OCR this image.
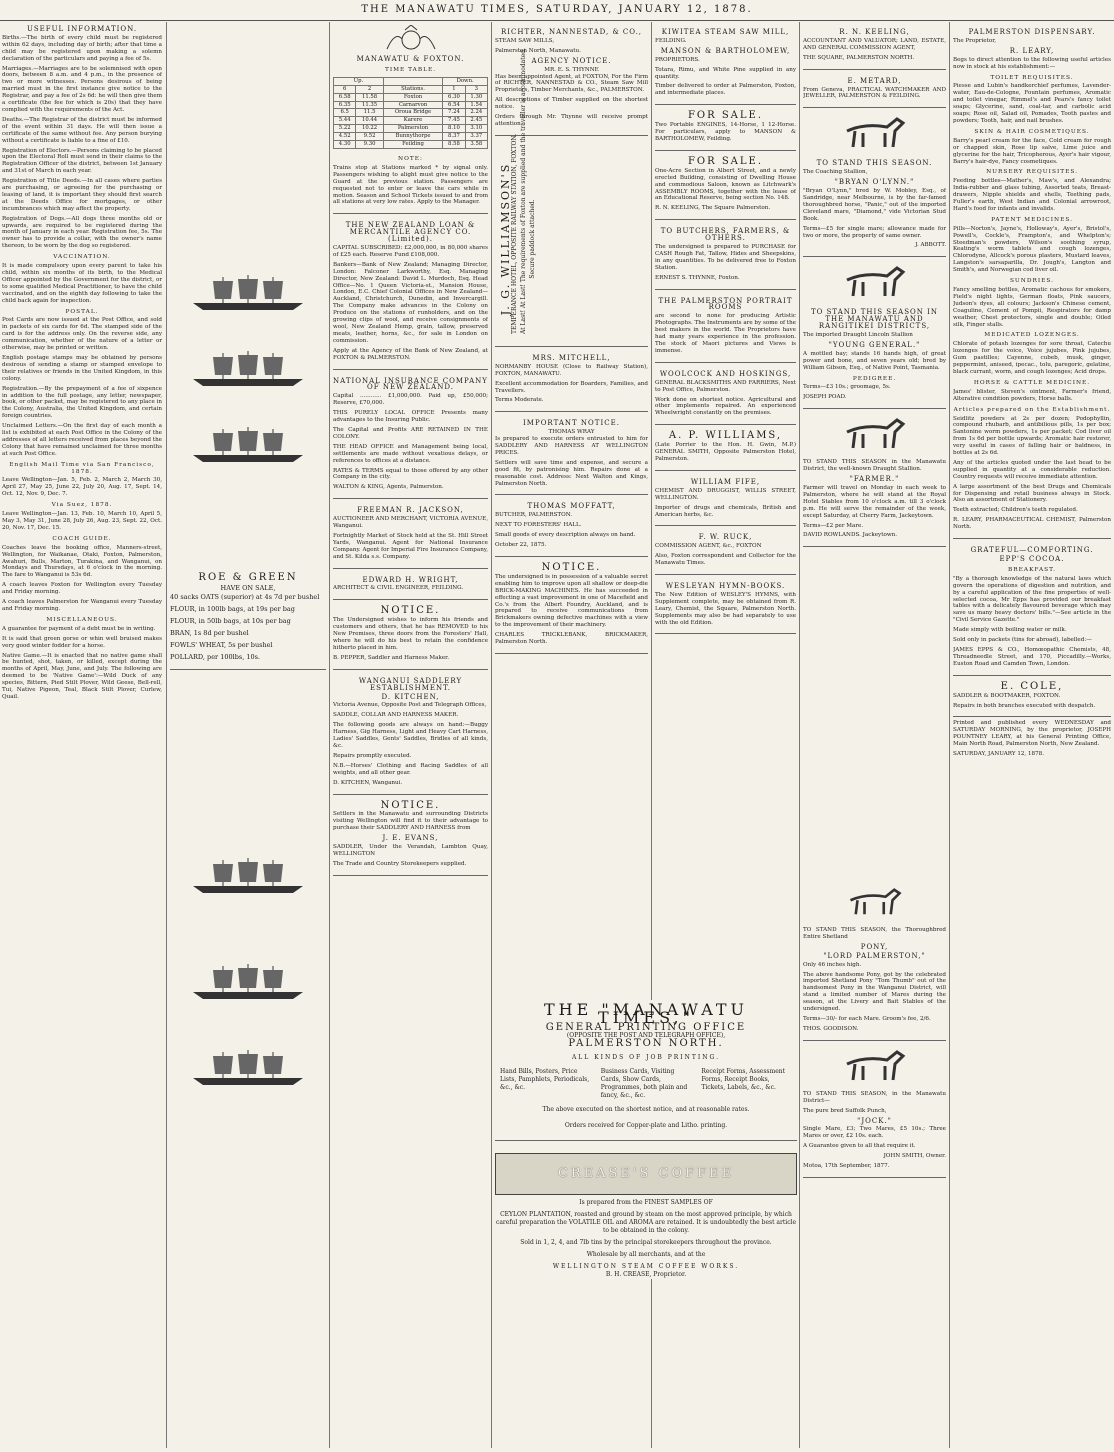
THE MANAWATU TIMES, SATURDAY, JANUARY 12, 1878.
USEFUL INFORMATION.

Births.—The birth of every child must be registered within 62 days, including day of birth; after that time a child may be registered upon making a solemn declaration of the particulars and paying a fee of 5s.

Marriages.—Marriages are to be solemnised with open doors, between 8 a.m. and 4 p.m., in the presence of two or more witnesses. Persons desirous of being married must in the first instance give notice to the Registrar, and pay a fee of 2s 6d: he will then give them a certificate (the fee for which is 20s) that they have complied with the requirements of the Act.

Deaths.—The Registrar of the district must be informed of the event within 31 days. He will then issue a certificate of the same without fee. Any person burying without a certificate is liable to a fine of £10.

Registration of Electors.—Persons claiming to be placed upon the Electoral Roll must send in their claims to the Registration Officer of the district, between 1st January and 31st of March in each year.

Registration of Title Deeds.—In all cases where parties are purchasing, or agreeing for the purchasing or leasing of land, it is important they should first search at the Deeds Office for mortgages, or other incumbrances which may affect the property.

Registration of Dogs.—All dogs three months old or upwards, are required to be registered during the month of January in each year. Registration fee, 5s. The owner has to provide a collar, with the owner's name thereon, to be worn by the dog so registered.

VACCINATION.

It is made compulsory upon every parent to take his child, within six months of its birth, to the Medical Officer appointed by the Government for the district, or to some qualified Medical Practitioner, to have the child vaccinated, and on the eighth day following to take the child back again for inspection.

POSTAL.

Post Cards are now issued at the Post Office, and sold in packets of six cards for 6d. The stamped side of the card is for the address only. On the reverse side, any communication, whether of the nature of a letter or otherwise, may be printed or written.

English postage stamps may be obtained by persons desirous of sending a stamp or stamped envelope to their relatives or friends in the United Kingdom, in this colony.

Registration.—By the prepayment of a fee of sixpence in addition to the full postage, any letter, newspaper, book, or other packet, may be registered to any place in the Colony, Australia, the United Kingdom, and certain foreign countries.

Unclaimed Letters.—On the first day of each month a list is exhibited at each Post Office in the Colony of the addresses of all letters received from places beyond the Colony that have remained unclaimed for three months at such Post Office.

English Mail Time via San Francisco, 1878.

Leave Wellington—Jan. 5, Feb. 2, March 2, March 30, April 27, May 25, June 22, July 20, Aug. 17, Sept. 14, Oct. 12, Nov. 9, Dec. 7.

Via Suez, 1878.

Leave Wellington—Jan. 13, Feb. 10, March 10, April 5, May 3, May 31, June 28, July 26, Aug. 23, Sept. 22, Oct. 20, Nov. 17, Dec. 15.

COACH GUIDE.

Coaches leave the booking office, Manners-street, Wellington, for Waikanae, Otaki, Foxton, Palmerston, Awahuri, Bulls, Marton, Turakina, and Wanganui, on Mondays and Thursdays, at 6 o'clock in the morning. The fare to Wanganui is 53s 6d.

A coach leaves Foxton for Wellington every Tuesday and Friday morning.

A coach leaves Palmerston for Wanganui every Tuesday and Friday morning.

MISCELLANEOUS.

A guarantee for payment of a debt must be in writing.

It is said that green gorse or whin well bruised makes very good winter fodder for a horse.

Native Game.—It is enacted that no native game shall be hunted, shot, taken, or killed, except during the months of April, May, June, and July. The following are deemed to be 'Native Game':—Wild Duck of any species, Bittern, Pied Stilt Plover, Wild Geese, Bell-rell, Tui, Native Pigeon, Teal, Black Stilt Plover, Curlew, Quail.

ROE & GREEN
HAVE ON SALE,

40 sacks OATS (superior) at 4s 7d per bushel

FLOUR, in 100lb bags, at 19s per bag

FLOUR, in 50lb bags, at 10s per bag

BRAN, 1s 8d per bushel

FOWLS' WHEAT, 5s per bushel

POLLARD, per 100lbs, 10s.

MANAWATU & FOXTON.
TIME TABLE.
Up.			Down.	
6	2	Stations.	1	3
6.58	11.58	Foxton	6.30	1.30
6.35	11.35	Carnarvon	6.54	1.54
6.5	11.5	Oroua Bridge	7.24	2.24
5.44	10.44	Karere	7.45	2.45
5.22	10.22	Palmerston	8.10	3.10
4.52	9.52	Bunnythorpe	8.37	3.37
4.30	9.30	Feilding	8.58	3.58
NOTE:

Trains stop at Stations marked * by signal only. Passengers wishing to alight must give notice to the Guard at the previous station. Passengers are requested not to enter or leave the cars while in motion. Season and School Tickets issued to and from all stations at very low rates. Apply to the Manager.

THE NEW ZEALAND LOAN & MERCANTILE AGENCY CO. (Limited).

CAPITAL SUBSCRIBED: £2,000,000, in 80,000 shares of £25 each. Reserve Fund £108,000.

Bankers—Bank of New Zealand; Managing Director, London: Falconer Larkworthy, Esq. Managing Director, New Zealand: David L. Murdoch, Esq. Head Office—No. 1 Queen Victoria-st., Mansion House, London, E.C. Chief Colonial Offices in New Zealand—Auckland, Christchurch, Dunedin, and Invercargill. The Company make advances in the Colony on Produce on the stations of runholders, and on the growing clips of wool, and receive consignments of wool, New Zealand Hemp, grain, tallow, preserved meats, leather, horns, &c., for sale in London on commission.

Apply at the Agency of the Bank of New Zealand, at FOXTON & PALMERSTON.

NATIONAL INSURANCE COMPANY OF NEW ZEALAND.

Capital ............ £1,000,000. Paid up, £50,000; Reserve, £70,000.

THIS PURELY LOCAL OFFICE Presents many advantages to the Insuring Public.

The Capital and Profits ARE RETAINED IN THE COLONY.

THE HEAD OFFICE and Management being local, settlements are made without vexatious delays, or references to offices at a distance.

RATES & TERMS equal to those offered by any other Company in the city.

WALTON & KING, Agents, Palmerston.

FREEMAN R. JACKSON,

AUCTIONEER AND MERCHANT, VICTORIA AVENUE, Wanganui.

Fortnightly Market of Stock held at the St. Hill Street Yards, Wanganui. Agent for National Insurance Company. Agent for Imperial Fire Insurance Company, and St. Kilda s.s. Company.

EDWARD H. WRIGHT,

ARCHITECT & CIVIL ENGINEER, FEILDING.

NOTICE.

The Undersigned wishes to inform his friends and customers and others, that he has REMOVED to his New Premises, three doors from the Foresters' Hall, where he will do his best to retain the confidence hitherto placed in him.

B. PEPPER, Saddler and Harness Maker.

WANGANUI SADDLERY ESTABLISHMENT.
D. KITCHEN,

Victoria Avenue, Opposite Post and Telegraph Offices,

SADDLE, COLLAR AND HARNESS MAKER.

The following goods are always on hand:—Buggy Harness, Gig Harness, Light and Heavy Cart Harness, Ladies' Saddles, Gents' Saddles, Bridles of all kinds, &c.

Repairs promptly executed.

N.B.—Horses' Clothing and Racing Saddles of all weights, and all other gear.

D. KITCHEN, Wanganui.

NOTICE.

Settlers in the Manawatu and surrounding Districts visiting Wellington will find it to their advantage to purchase their SADDLERY AND HARNESS from

J. E. EVANS,

SADDLER, Under the Verandah, Lambton Quay, WELLINGTON

The Trade and Country Storekeepers supplied.

RICHTER, NANNESTAD, & CO.,

STEAM SAW MILLS,

Palmerston North, Manawatu.

AGENCY NOTICE.
MR. E. S. THYNNE

Has been appointed Agent, at FOXTON, For the Firm of RICHTER, NANNESTAD & CO., Steam Saw Mill Proprietors, Timber Merchants, &c., PALMERSTON.

All descriptions of Timber supplied on the shortest notice.

Orders through Mr. Thynne will receive prompt attention.

J. G. WILLIAMSON'S TEMPERANCE HOTEL, OPPOSITE RAILWAY STATION, FOXTON. At Last! At Last! The requirements of Foxton are supplied and the traveller is accommodated. Secure paddock attached.
MRS. MITCHELL,

NORMANBY HOUSE (Close to Railway Station), FOXTON, MANAWATU.

Excellent accommodation for Boarders, Families, and Travellers.

Terms Moderate.

IMPORTANT NOTICE.
THOMAS WRAY

Is prepared to execute orders entrusted to him for SADDLERY AND HARNESS AT WELLINGTON PRICES.

Settlers will save time and expense, and secure a good fit, by patronising him. Repairs done at a reasonable cost. Address: Next Walton and Kings, Palmerston North.

THOMAS MOFFATT,

BUTCHER, PALMERSTON.

NEXT TO FORESTERS' HALL.

Small goods of every description always on hand.

October 22, 1875.

NOTICE.

The undersigned is in possession of a valuable secret enabling him to improve upon all shallow or deep-die BRICK-MAKING MACHINES. He has succeeded in effecting a vast improvement in one of Macefield and Co.'s from the Albert Foundry, Auckland, and is prepared to receive communications from Brickmakers owning defective machines with a view to the improvement of their machinery.

CHARLES TRICKLEBANK, BRICKMAKER, Palmerston North.

KIWITEA STEAM SAW MILL,

FEILDING.

MANSON & BARTHOLOMEW,

PROPRIETORS.

Totara, Rimu, and White Pine supplied in any quantity.

Timber delivered to order at Palmerston, Foxton, and intermediate places.

FOR SALE.

Two Portable ENGINES, 14-Horse, 1 12-Horse. For particulars, apply to MANSON & BARTHOLOMEW, Feilding.

FOR SALE.

One-Acre Section in Albert Street, and a newly erected Building, consisting of Dwelling House and commodious Saloon, known as Litchwark's ASSEMBLY ROOMS, together with the lease of an Educational Reserve, being section No. 148.

R. N. KEELING, The Square Palmerston.

TO BUTCHERS, FARMERS, & OTHERS.

The undersigned is prepared to PURCHASE for CASH Rough Fat, Tallow, Hides and Sheepskins, in any quantities. To be delivered free to Foxton Station.

ERNEST S. THYNNE, Foxton.

THE PALMERSTON PORTRAIT ROOMS

are second to none for producing Artistic Photographs. The Instruments are by some of the best makers in the world. The Proprietors have had many years experience in the profession. The stock of Maori pictures and Views is immense.

WOOLCOCK AND HOSKINGS,

GENERAL BLACKSMITHS AND FARRIERS, Next to Post Office, Palmerston.

Work done on shortest notice. Agricultural and other implements repaired. An experienced Wheelwright constantly on the premises.

A. P. WILLIAMS,

(Late Porrier to the Hon. H. Gwin, M.P.) GENERAL SMITH, Opposite Palmerston Hotel, Palmerston.

WILLIAM FIFE,

CHEMIST AND DRUGGIST, WILLIS STREET, WELLINGTON.

Importer of drugs and chemicals, British and American herbs, &c.

F. W. RUCK,

COMMISSION AGENT, &c., FOXTON

Also, Foxton correspondent and Collector for the Manawatu Times.

WESLEYAN HYMN-BOOKS.

The New Edition of WESLEY'S HYMNS, with Supplement complete, may be obtained from R. Leary, Chemist, the Square, Palmerston North. Supplements may also be had separately to use with the old Edition.

R. N. KEELING,

ACCOUNTANT AND VALUATOR; LAND, ESTATE, AND GENERAL COMMISSION AGENT,

THE SQUARE, PALMERSTON NORTH.

E. METARD,

From Geneva, PRACTICAL WATCHMAKER AND JEWELLER, PALMERSTON & FEILDING.

TO STAND THIS SEASON.

The Coaching Stallion,

"BRYAN O'LYNN."

"Bryan O'Lynn," bred by W. Mobley, Esq., of Sandridge, near Melbourne, is by the far-famed thoroughbred horse, "Panic," out of the imported Cleveland mare, "Diamond," vide Victorian Stud Book.

Terms—£5 for single mare; allowance made for two or more, the property of same owner.

J. ABBOTT.

TO STAND THIS SEASON IN THE MANAWATU AND RANGITIKEI DISTRICTS,

The imported Draught Lincoln Stallion

"YOUNG GENERAL."

A mottled bay; stands 16 hands high, of great power and bone, and seven years old; bred by William Gibson, Esq., of Native Point, Tasmania.

PEDIGREE.

Terms—£3 10s.; groomage, 5s.

JOSEPH POAD.

TO STAND THIS SEASON in the Manawatu District, the well-known Draught Stallion.

"FARMER."

Farmer will travel on Monday in each week to Palmerston, where he will stand at the Royal Hotel Stables from 10 o'clock a.m. till 3 o'clock p.m. He will serve the remainder of the week, except Saturday, at Cherry Farm, Jackeytown.

Terms—£2 per Mare.

DAVID ROWLANDS. Jackeytown.

TO STAND THIS SEASON, the Thoroughbred Entire Shetland

PONY,
"LORD PALMERSTON,"

Only 46 inches high.

The above handsome Pony, got by the celebrated imported Shetland Pony "Tom Thumb" out of the handsomest Pony in the Wanganui District, will stand a limited number of Mares during the season, at the Livery and Bait Stables of the undersigned.

Terms—30/- for each Mare. Groom's fee, 2/6.

THOS. GOODISON.

TO STAND THIS SEASON, in the Manawatu District—

The pure bred Suffolk Punch,

"JOCK."

Single Mare, £3; Two Mares, £5 10s.; Three Mares or over, £2 10s. each.

A Guarantee given to all that require it.

JOHN SMITH, Owner.

Motoa, 17th September, 1877.

PALMERSTON DISPENSARY.

The Proprietor,

R. LEARY,

Begs to direct attention to the following useful articles now in stock at his establishment:—

TOILET REQUISITES.

Piesse and Lubin's handkerchief perfumes, Lavender-water, Eau-de-Cologne, Fountain perfumes, Aromatic and toilet vinegar, Rimmel's and Pears's fancy toilet soaps; Glycerine, sand, coal-tar, and carbolic acid soaps; Rose oil, Salad oil, Pomades, Tooth pastes and powders; Tooth, hair, and nail brushes.

SKIN & HAIR COSMETIQUES.

Barry's pearl cream for the face, Cold cream for rough or chapped skin, Rose lip salve, Lime juice and glycerine for the hair, Tricopherous, Ayer's hair vigour, Barry's hair-dye, Fancy cosmetiques.

NURSERY REQUISITES.

Feeding bottles—Mather's, Maw's, and Alexandra; India-rubber and glass tubing, Assorted teats, Breast-drawers, Nipple shields and shells, Teething pads, Fuller's earth, West Indian and Colonial arrowroot, Hard's food for infants and invalids.

PATENT MEDICINES.

Pills—Norton's, Jayne's, Holloway's, Ayer's, Bristol's, Powell's, Cockle's, Frampton's, and Whelpton's; Steedman's powders, Wilson's soothing syrup, Keating's worm tablets and cough lozenges, Chlorodyne, Allcock's porous plasters, Mustard leaves, Langston's sarsaparilla, Dr. Jough's, Langton and Smith's, and Norwegian cod liver oil.

SUNDRIES.

Fancy smelling bottles, Aromatic cachous for smokers, Field's night lights, German floats, Pink saucers, Judson's dyes, all colours; Jackson's Chinese cement, Coaguline, Cement of Pompii, Respirators for damp weather, Chest protectors, single and double; Oiled silk, Finger stalls.

MEDICATED LOZENGES.

Chlorate of potash lozenges for sore throat, Catechu lozenges for the voice, Voice jujubes, Pink jujubes, Gum pastilles; Cayenne, cubeb, musk, ginger, peppermint, aniseed, ipecac., tolu, paregoric, gelatine, black currant, worm, and cough lozenges; Acid drops.

HORSE & CATTLE MEDICINE.

James' blister, Steven's ointment, Farmer's friend, Alterative condition powders, Horse balls.

Articles prepared on the Establishment.

Seidlitz powders at 2s per dozen; Podophyllin, compound rhubarb, and antibilious pills, 1s per box; Santonine worm powders, 1s per packet; Cod liver oil from 1s 6d per bottle upwards; Aromatic hair restorer, very useful in cases of falling hair or baldness, in bottles at 2s 6d.

Any of the articles quoted under the last head to be supplied in quantity at a considerable reduction. Country requests will receive immediate attention.

A large assortment of the best Drugs and Chemicals for Dispensing and retail business always in Stock. Also an assortment of Stationery.

Teeth extracted; Children's teeth regulated.

R. LEARY, PHARMACEUTICAL CHEMIST, Palmerston North.

GRATEFUL—COMFORTING.
EPP'S COCOA.
BREAKFAST.

"By a thorough knowledge of the natural laws which govern the operations of digestion and nutrition, and by a careful application of the fine properties of well-selected cocoa, Mr Epps has provided our breakfast tables with a delicately flavoured beverage which may save us many heavy doctors' bills."—See article in the "Civil Service Gazette."

Made simply with boiling water or milk.

Sold only in packets (tins for abroad), labelled:—

JAMES EPPS & CO., Homœopathic Chemists, 48, Threadneedle Street, and 170, Piccadilly.—Works, Euston Road and Camden Town, London.

E. COLE,

SADDLER & BOOTMAKER, FOXTON.

Repairs in both branches executed with despatch.

Printed and published every WEDNESDAY and SATURDAY MORNING, by the proprietor, JOSEPH POUNTNEY LEARY, at his General Printing Office, Main North Road, Palmerston North, New Zealand.

SATURDAY, JANUARY 12, 1878.

THE "MANAWATU TIMES,"
GENERAL PRINTING OFFICE
(OPPOSITE THE POST AND TELEGRAPH OFFICE),
PALMERSTON NORTH.
ALL KINDS OF JOB PRINTING.
Hand Bills, Posters, Price Lists, Pamphlets, Periodicals, &c., &c.
Business Cards, Visiting Cards, Show Cards, Programmes, both plain and fancy, &c., &c.
Receipt Forms, Assessment Forms, Receipt Books, Tickets, Labels, &c., &c.
The above executed on the shortest notice, and at reasonable rates.
Orders received for Copper-plate and Litho. printing.
CREASE'S COFFEE
Is prepared from the FINEST SAMPLES OF
CEYLON PLANTATION, roasted and ground by steam on the most approved principle, by which careful preparation the VOLATILE OIL and AROMA are retained. It is undoubtedly the best article to be obtained in the colony.
Sold in 1, 2, 4, and 7lb tins by the principal storekeepers throughout the province.
Wholesale by all merchants, and at the
WELLINGTON STEAM COFFEE WORKS.
B. H. CREASE, Proprietor.
